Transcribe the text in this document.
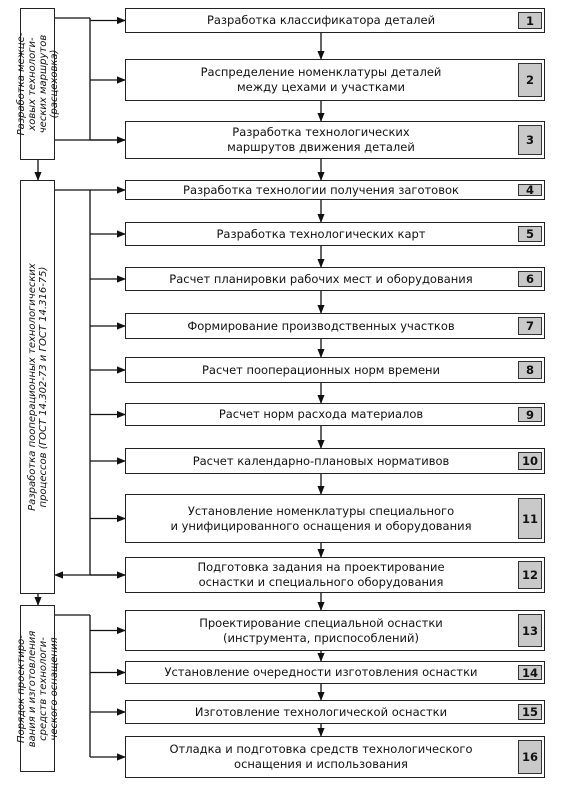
Разработка межце- ховых технологи- ческих маршрутов (расцеховка)
Разработка пооперационных технологических процессов (ГОСТ 14.302-73 и ГОСТ 14.316-75)
Порядок проектиро- вания и изготовления средств технологи- ческого оснащения
Разработка классификатора деталей	1
Распределение номенклатуры деталей
между цехами и участками	2
Разработка технологических
маршрутов движения деталей	3
Разработка технологии получения заготовок	4
Разработка технологических карт	5
Расчет планировки рабочих мест и оборудования	6
Формирование производственных участков	7
Расчет пооперационных норм времени	8
Расчет норм расхода материалов	9
Расчет календарно-плановых нормативов	10
Установление номенклатуры специального
и унифицированного оснащения и оборудования	11
Подготовка задания на проектирование
оснастки и специального оборудования	12
Проектирование специальной оснастки
(инструмента, приспособлений)	13
Установление очередности изготовления оснастки	14
Изготовление технологической оснастки	15
Отладка и подготовка средств технологического
оснащения и использования	16
